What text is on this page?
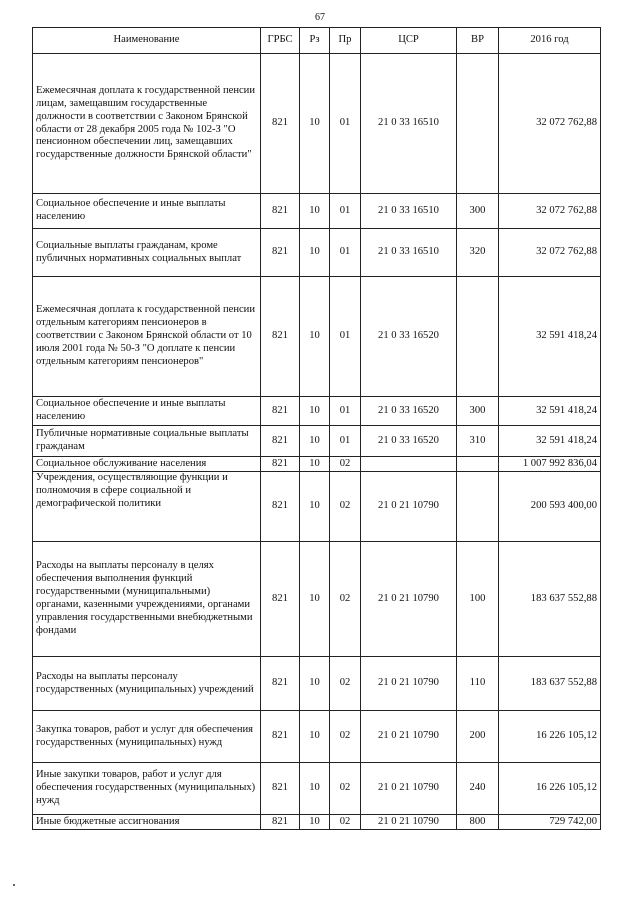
67
Наименование	ГРБС	Рз	Пр	ЦСР	ВР	2016 год
Ежемесячная доплата к государственной пенсии лицам, замещавшим государственные должности в соответствии с Законом Брянской области от 28 декабря 2005 года № 102-З "О пенсионном обеспечении лиц, замещавших государственные должности Брянской области"	821	10	01	21 0 33 16510		32 072 762,88
Социальное обеспечение и иные выплаты населению	821	10	01	21 0 33 16510	300	32 072 762,88
Социальные выплаты гражданам, кроме публичных нормативных социальных выплат	821	10	01	21 0 33 16510	320	32 072 762,88
Ежемесячная доплата к государственной пенсии отдельным категориям пенсионеров в соответствии с Законом Брянской области от 10 июля 2001 года № 50-З "О доплате к пенсии отдельным категориям пенсионеров"	821	10	01	21 0 33 16520		32 591 418,24
Социальное обеспечение и иные выплаты населению	821	10	01	21 0 33 16520	300	32 591 418,24
Публичные нормативные социальные выплаты гражданам	821	10	01	21 0 33 16520	310	32 591 418,24
Социальное обслуживание населения	821	10	02			1 007 992 836,04
Учреждения, осуществляющие функции и полномочия в сфере социальной и демографической политики	821	10	02	21 0 21 10790		200 593 400,00
Расходы на выплаты персоналу в целях обеспечения выполнения функций государственными (муниципальными) органами, казенными учреждениями, органами управления государственными внебюджетными фондами	821	10	02	21 0 21 10790	100	183 637 552,88
Расходы на выплаты персоналу государственных (муниципальных) учреждений	821	10	02	21 0 21 10790	110	183 637 552,88
Закупка товаров, работ и услуг для обеспечения государственных (муниципальных) нужд	821	10	02	21 0 21 10790	200	16 226 105,12
Иные закупки товаров, работ и услуг для обеспечения государственных (муниципальных) нужд	821	10	02	21 0 21 10790	240	16 226 105,12
Иные бюджетные ассигнования	821	10	02	21 0 21 10790	800	729 742,00
